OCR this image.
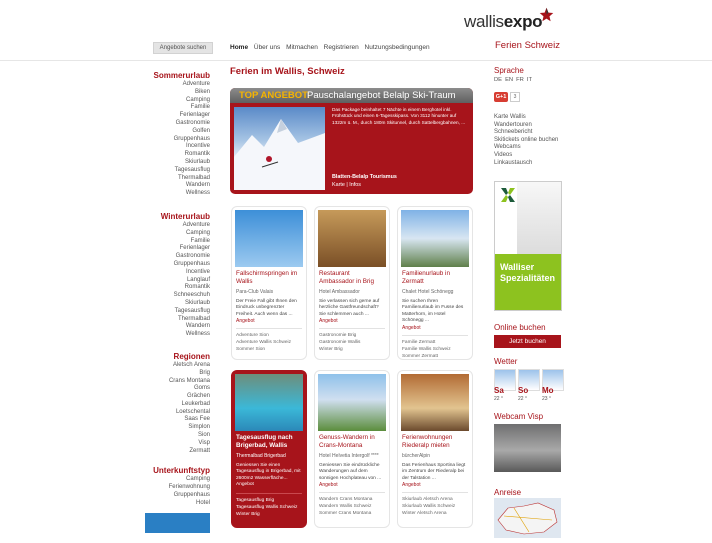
Angebote suchen	Home Über uns Mitmachen Registrieren Nutzungsbedingungen
wallisexpo
Ferien Schweiz
Sommerurlaub
Adventure
Biken
Camping
Familie
Ferienlager
Gastronomie
Golfen
Gruppenhaus
Incentive
Romantik
Skiurlaub
Tagesausflug
Thermalbad
Wandern
Wellness
Winterurlaub
Adventure
Camping
Familie
Ferienlager
Gastronomie
Gruppenhaus
Incentive
Langlauf
Romantik
Schneeschuh
Skiurlaub
Tagesausflug
Thermalbad
Wandern
Wellness
Regionen
Aletsch Arena
Brig
Crans Montana
Goms
Grächen
Leukerbad
Loetschental
Saas Fee
Simplon
Sion
Visp
Zermatt
Unterkunftstyp
Camping
Ferienwohnung
Gruppenhaus
Hotel
Ferien im Wallis, Schweiz
TOP ANGEBOT:
Pauschalangebot Belalp Ski-Traum
Das Package beinhaltet 7 Nächte in einem Berghotel inkl. Frühstück und einen 6-Tagesskipass. Von 3112 hinunter auf 1322m ü. M., durch 180m Skitunnel, durch Sattelbergbahnen, ...
Blatten-Belalp Tourismus
Karte | Infos
Fallschirmspringen im Wallis
Para-Club Valais
Der Freie Fall gibt Ihnen den Eindruck unbegrenzter Freiheit. Auch wenn das ...
Angebot
Adventure Sion
Adventure Wallis Schweiz
Sommer Sion
Restaurant Ambassador in Brig
Hotel Ambassador
Sie verlassen sich gerne auf herzliche Gastfreundschaft? Sie schlemmen auch ...
Angebot
Gastronomie Brig
Gastronomie Wallis
Winter Brig
Familienurlaub in Zermatt
Chalet Hotel Schönegg
Sie suchen Ihren Familienurlaub im Fusse des Matterhorn, im Hotel Schönegg ...
Angebot
Familie Zermatt
Familie Wallis Schweiz
Sommer Zermatt
Tagesausflug nach Brigerbad, Wallis
Thermalbad Brigerbad
Geniessen Sie einen Tagesausflug in Brigerbad, mit 2600m2 Wasserfläche... Angebot
Tagesausflug Brig
Tagesausflug Wallis Schweiz
Winter Brig
Genuss-Wandern in Crans-Montana
Hotel Helvetia Intergolf ****
Geniessen Sie eindrückliche Wanderungen auf dem sonnigen Hochplateau von ...
Angebot
Wandern Crans Montana
Wandern Wallis Schweiz
Sommer Crans Montana
Ferienwohnungen Riederalp mieten
bürcherAlpin
Das Ferienhaus Sportina liegt im Zentrum der Riederalp bei der Talstation ...
Angebot
Skiurlaub Aletsch Arena
Skiurlaub Wallis Schweiz
Winter Aletsch Arena
Sprache
DE EN FR IT
G+1	3
Karte Wallis
Wandertouren
Schneebericht
Skitickets online buchen
Webcams
Videos
Linkaustausch
Walliser Spezialitäten
Online buchen
Jetzt buchen
Wetter
Sa
22 °
So
22 °
Mo
23 °
Webcam Visp
Anreise
